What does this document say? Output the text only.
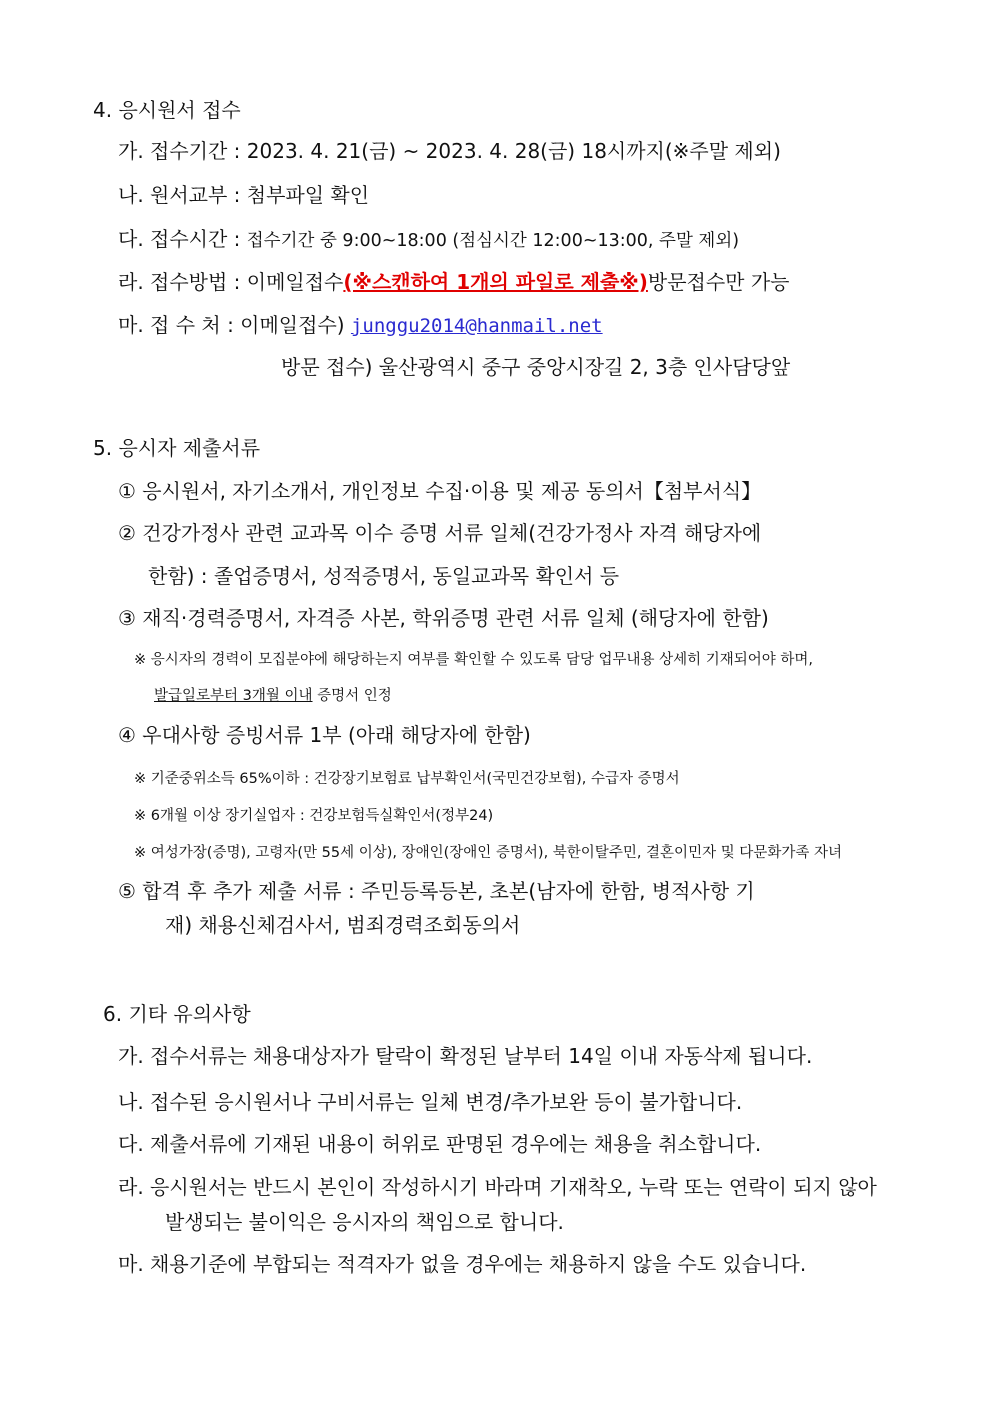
4. 응시원서 접수
가. 접수기간 : 2023. 4. 21(금) ~ 2023. 4. 28(금) 18시까지(※주말 제외)
나. 원서교부 : 첨부파일 확인
다. 접수시간 : 접수기간 중 9:00~18:00 (점심시간 12:00~13:00, 주말 제외)
라. 접수방법 : 이메일접수(※스캔하여 1개의 파일로 제출※)방문접수만 가능
마. 접 수 처 : 이메일접수) junggu2014@hanmail.net
방문 접수) 울산광역시 중구 중앙시장길 2, 3층 인사담당앞
5. 응시자 제출서류
① 응시원서, 자기소개서, 개인정보 수집·이용 및 제공 동의서【첨부서식】
② 건강가정사 관련 교과목 이수 증명 서류 일체(건강가정사 자격 해당자에
한함) : 졸업증명서, 성적증명서, 동일교과목 확인서 등
③ 재직·경력증명서, 자격증 사본, 학위증명 관련 서류 일체 (해당자에 한함)
※ 응시자의 경력이 모집분야에 해당하는지 여부를 확인할 수 있도록 담당 업무내용 상세히 기재되어야 하며,
발급일로부터 3개월 이내 증명서 인정
④ 우대사항 증빙서류 1부 (아래 해당자에 한함)
※ 기준중위소득 65%이하 : 건강장기보험료 납부확인서(국민건강보험), 수급자 증명서
※ 6개월 이상 장기실업자 : 건강보험득실확인서(정부24)
※ 여성가장(증명), 고령자(만 55세 이상), 장애인(장애인 증명서), 북한이탈주민, 결혼이민자 및 다문화가족 자녀
⑤ 합격 후 추가 제출 서류 : 주민등록등본, 초본(남자에 한함, 병적사항 기
재) 채용신체검사서, 범죄경력조회동의서
6. 기타 유의사항
가. 접수서류는 채용대상자가 탈락이 확정된 날부터 14일 이내 자동삭제 됩니다.
나. 접수된 응시원서나 구비서류는 일체 변경/추가보완 등이 불가합니다.
다. 제출서류에 기재된 내용이 허위로 판명된 경우에는 채용을 취소합니다.
라. 응시원서는 반드시 본인이 작성하시기 바라며 기재착오, 누락 또는 연락이 되지 않아
발생되는 불이익은 응시자의 책임으로 합니다.
마. 채용기준에 부합되는 적격자가 없을 경우에는 채용하지 않을 수도 있습니다.
